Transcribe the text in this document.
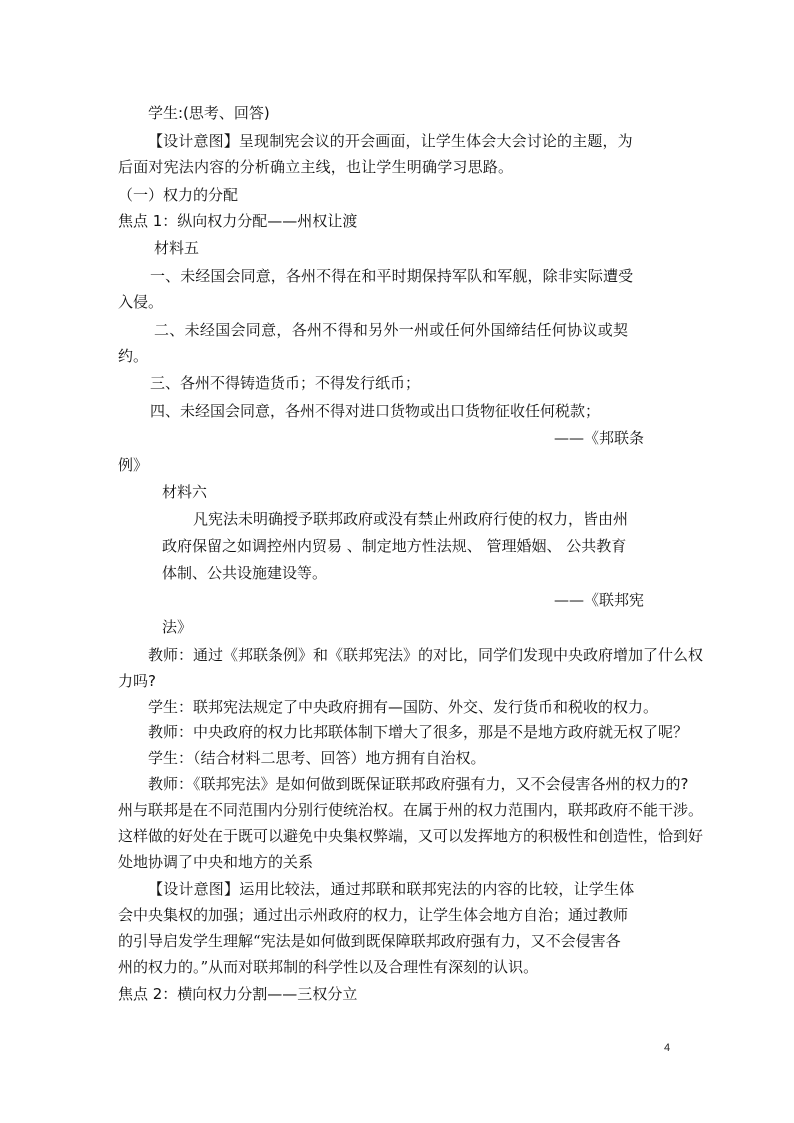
学生:(思考、回答)
【设计意图】呈现制宪会议的开会画面，让学生体会大会讨论的主题，为
后面对宪法内容的分析确立主线，也让学生明确学习思路。
（一）权力的分配
焦点 1：纵向权力分配——州权让渡
材料五
一、未经国会同意，各州不得在和平时期保持军队和军舰，除非实际遭受
入侵。
二、未经国会同意，各州不得和另外一州或任何外国缔结任何协议或契
约。
三、各州不得铸造货币；不得发行纸币；
四、未经国会同意，各州不得对进口货物或出口货物征收任何税款；
——《邦联条
例》
材料六
凡宪法未明确授予联邦政府或没有禁止州政府行使的权力，皆由州
政府保留之如调控州内贸易 、制定地方性法规、 管理婚姻、 公共教育
体制、公共设施建设等。
——《联邦宪
法》
教师：通过《邦联条例》和《联邦宪法》的对比，同学们发现中央政府增加了什么权
力吗?
学生：联邦宪法规定了中央政府拥有—国防、外交、发行货币和税收的权力。
教师：中央政府的权力比邦联体制下增大了很多，那是不是地方政府就无权了呢？
学生：（结合材料二思考、回答）地方拥有自治权。
教师：《联邦宪法》是如何做到既保证联邦政府强有力，又不会侵害各州的权力的?
州与联邦是在不同范围内分别行使统治权。在属于州的权力范围内，联邦政府不能干涉。
这样做的好处在于既可以避免中央集权弊端，又可以发挥地方的积极性和创造性，恰到好
处地协调了中央和地方的关系
【设计意图】运用比较法，通过邦联和联邦宪法的内容的比较，让学生体
会中央集权的加强；通过出示州政府的权力，让学生体会地方自治；通过教师
的引导启发学生理解“宪法是如何做到既保障联邦政府强有力，又不会侵害各
州的权力的。”从而对联邦制的科学性以及合理性有深刻的认识。
焦点 2：横向权力分割——三权分立
4
